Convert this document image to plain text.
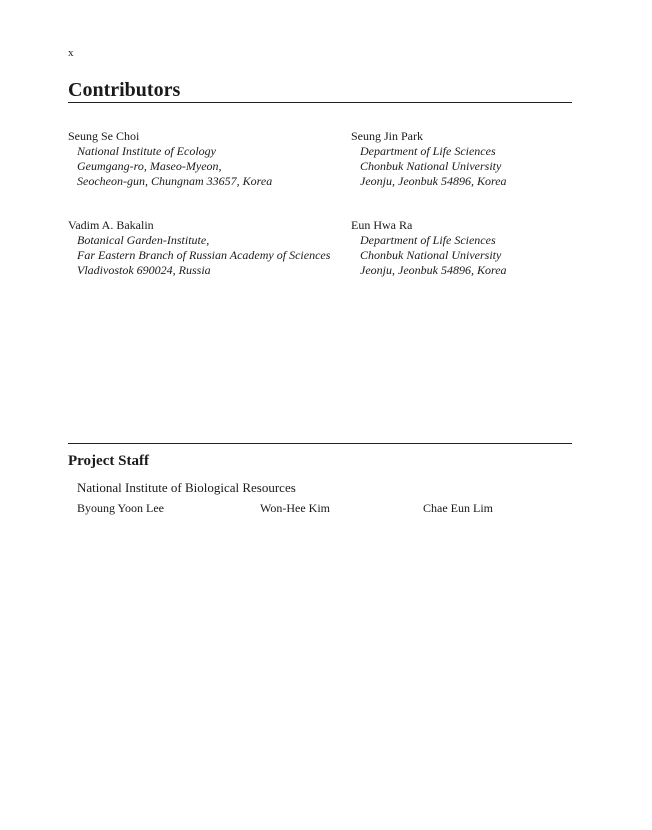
x
Contributors
Seung Se Choi
National Institute of Ecology
Geumgang-ro, Maseo-Myeon,
Seocheon-gun, Chungnam 33657, Korea
Seung Jin Park
Department of Life Sciences
Chonbuk National University
Jeonju, Jeonbuk 54896, Korea
Vadim A. Bakalin
Botanical Garden-Institute,
Far Eastern Branch of Russian Academy of Sciences
Vladivostok 690024, Russia
Eun Hwa Ra
Department of Life Sciences
Chonbuk National University
Jeonju, Jeonbuk 54896, Korea
Project Staff
National Institute of Biological Resources
Byoung Yoon Lee	Won-Hee Kim	Chae Eun Lim
